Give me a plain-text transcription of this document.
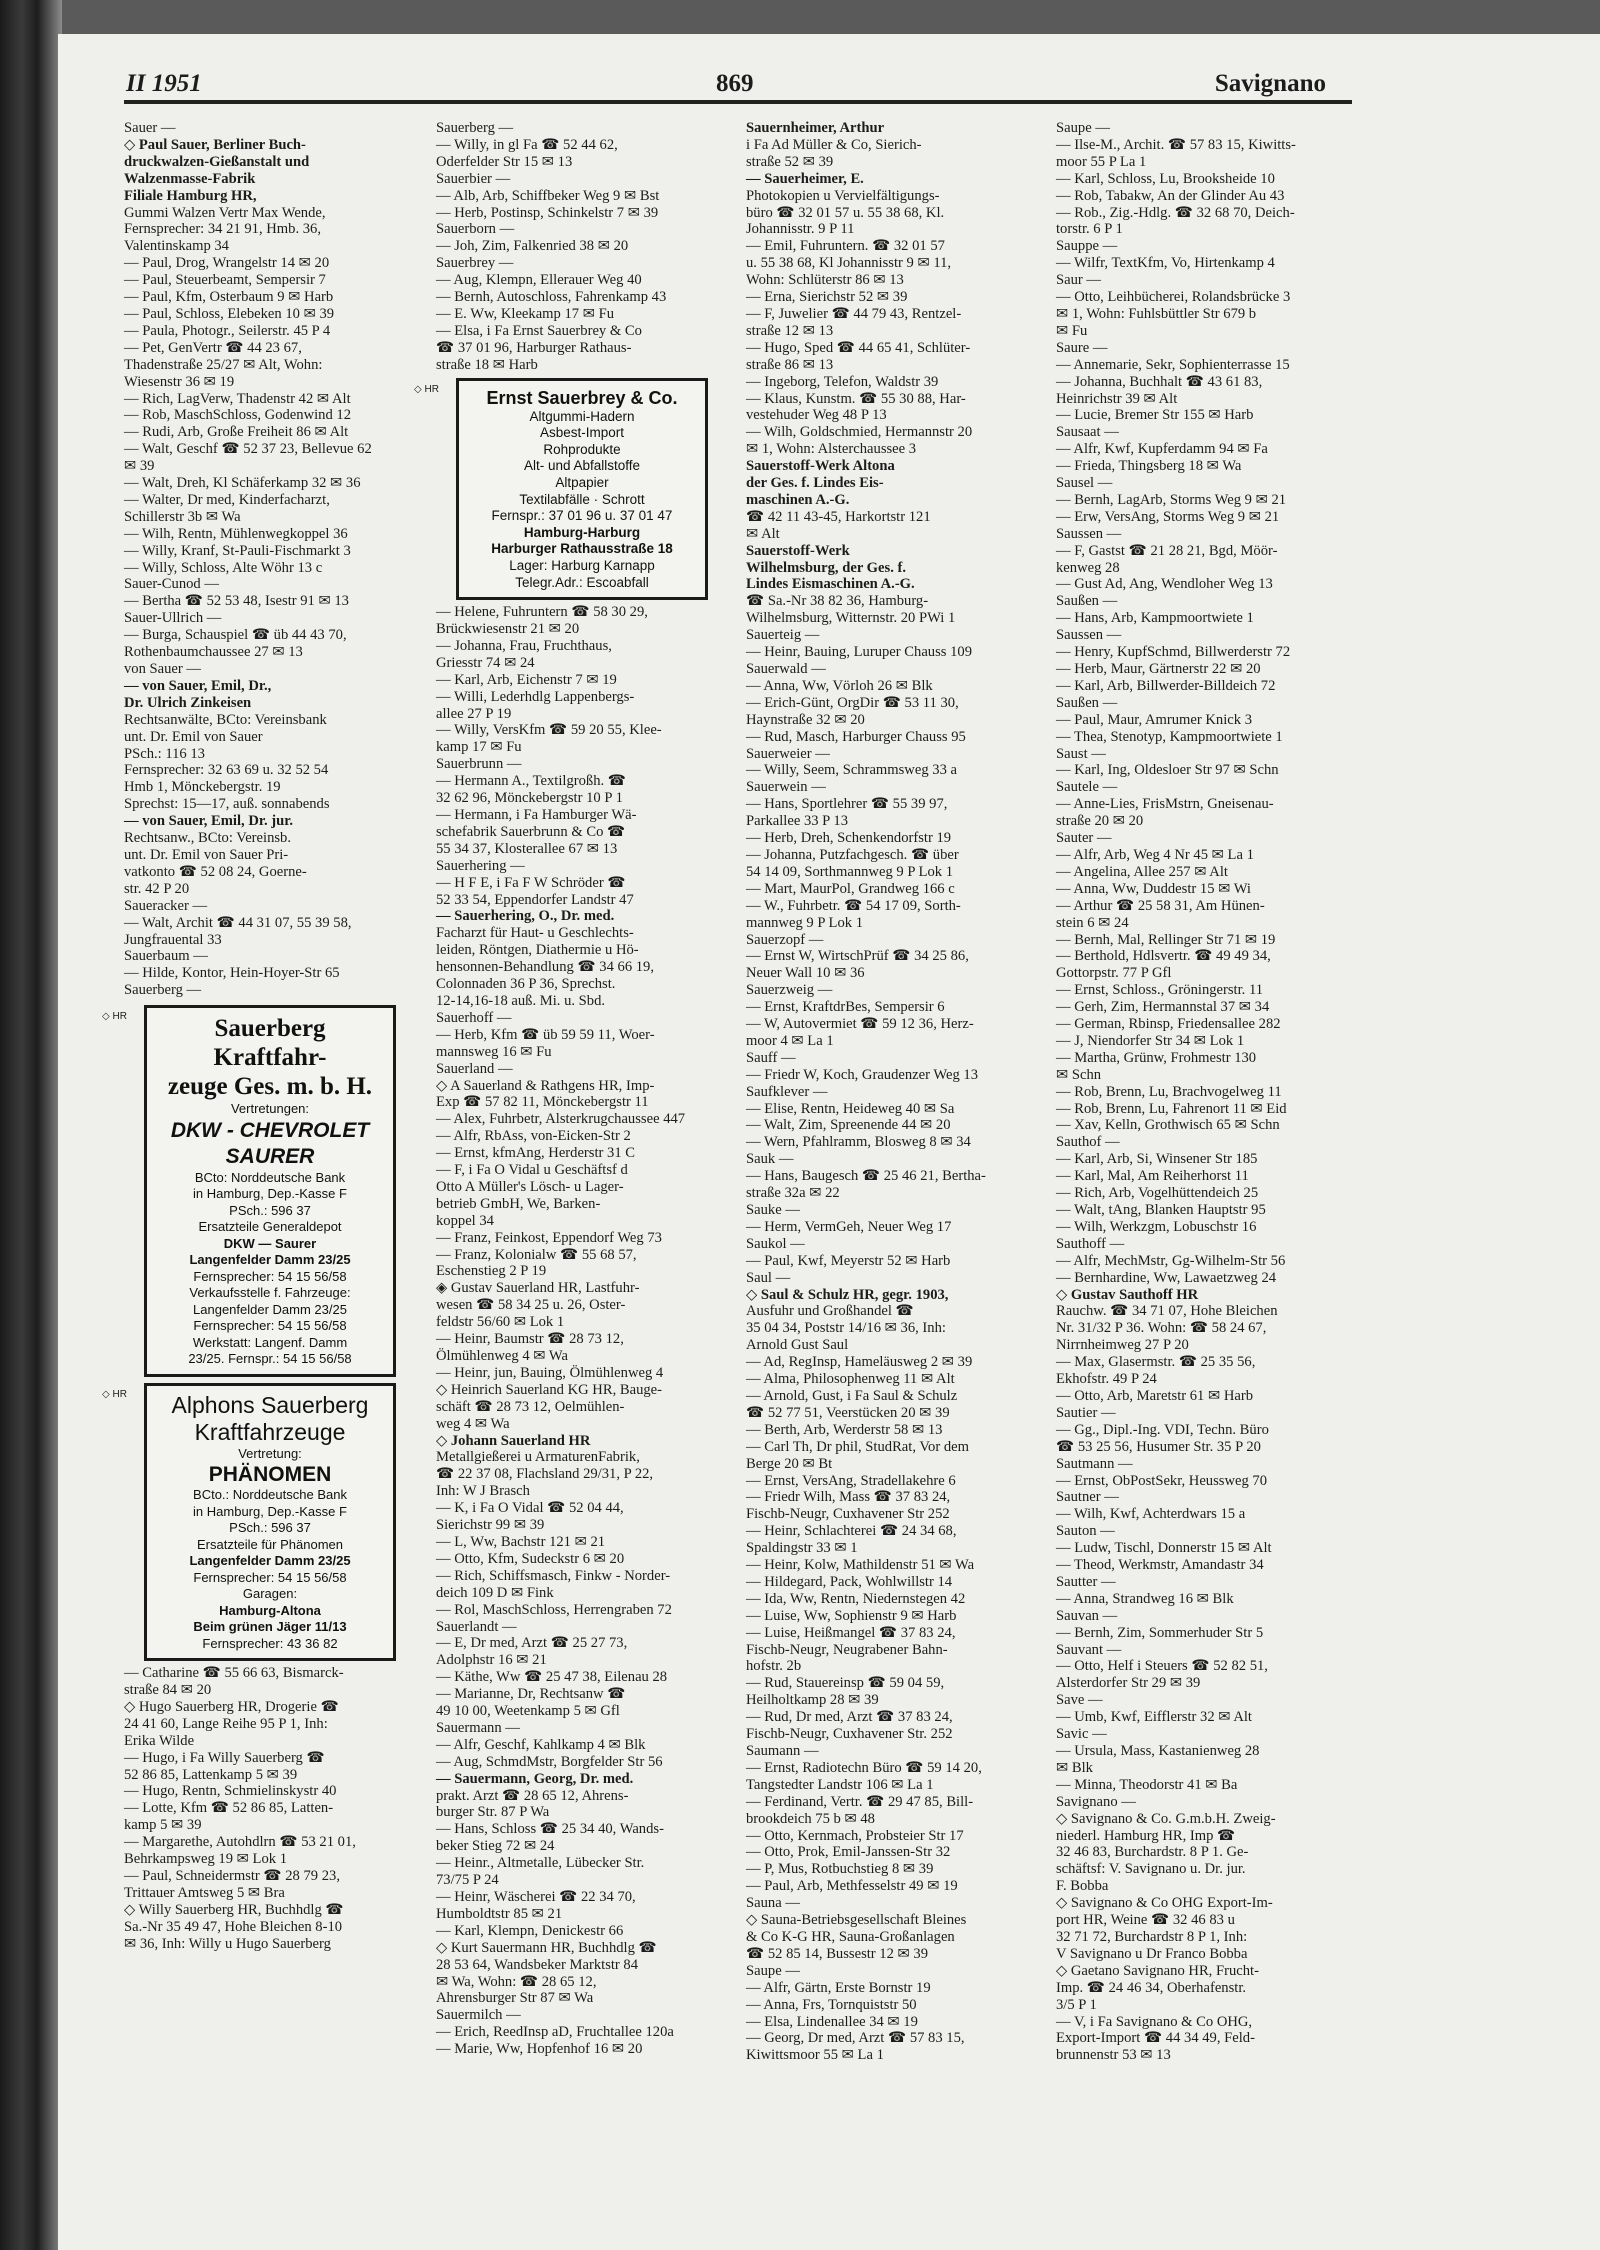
II 1951	869	Savignano
Sauer —
◇ Paul Sauer, Berliner Buch-
druckwalzen-Gießanstalt und
Walzenmasse-Fabrik
Filiale Hamburg HR,
Gummi Walzen Vertr Max Wende,
Fernsprecher: 34 21 91, Hmb. 36,
Valentinskamp 34
— Paul, Drog, Wrangelstr 14 ✉ 20
— Paul, Steuerbeamt, Sempersir 7
— Paul, Kfm, Osterbaum 9 ✉ Harb
— Paul, Schloss, Elebeken 10 ✉ 39
— Paula, Photogr., Seilerstr. 45 P 4
— Pet, GenVertr ☎ 44 23 67,
Thadenstraße 25/27 ✉ Alt, Wohn:
Wiesenstr 36 ✉ 19
— Rich, LagVerw, Thadenstr 42 ✉ Alt
— Rob, MaschSchloss, Godenwind 12
— Rudi, Arb, Große Freiheit 86 ✉ Alt
— Walt, Geschf ☎ 52 37 23, Bellevue 62
✉ 39
— Walt, Dreh, Kl Schäferkamp 32 ✉ 36
— Walter, Dr med, Kinderfacharzt,
Schillerstr 3b ✉ Wa
— Wilh, Rentn, Mühlenwegkoppel 36
— Willy, Kranf, St-Pauli-Fischmarkt 3
— Willy, Schloss, Alte Wöhr 13 c
Sauer-Cunod —
— Bertha ☎ 52 53 48, Isestr 91 ✉ 13
Sauer-Ullrich —
— Burga, Schauspiel ☎ üb 44 43 70,
Rothenbaumchaussee 27 ✉ 13
von Sauer —
— von Sauer, Emil, Dr.,
Dr. Ulrich Zinkeisen
Rechtsanwälte, BCto: Vereinsbank
unt. Dr. Emil von Sauer
PSch.: 116 13
Fernsprecher: 32 63 69 u. 32 52 54
Hmb 1, Mönckebergstr. 19
Sprechst: 15—17, auß. sonnabends
— von Sauer, Emil, Dr. jur.
Rechtsanw., BCto: Vereinsb.
unt. Dr. Emil von Sauer Pri-
vatkonto ☎ 52 08 24, Goerne-
str. 42 P 20
Saueracker —
— Walt, Archit ☎ 44 31 07, 55 39 58,
Jungfrauental 33
Sauerbaum —
— Hilde, Kontor, Hein-Hoyer-Str 65
Sauerberg —
◇ HR	Sauerberg Kraftfahr-
zeuge Ges. m. b. H.
Vertretungen:
DKW - CHEVROLET
SAURER
BCto: Norddeutsche Bank
in Hamburg, Dep.-Kasse F
PSch.: 596 37
Ersatzteile Generaldepot
DKW — Saurer
Langenfelder Damm 23/25
Fernsprecher: 54 15 56/58
Verkaufsstelle f. Fahrzeuge:
Langenfelder Damm 23/25
Fernsprecher: 54 15 56/58
Werkstatt: Langenf. Damm
23/25. Fernspr.: 54 15 56/58
◇ HR	Alphons Sauerberg
Kraftfahrzeuge
Vertretung:
PHÄNOMEN
BCto.: Norddeutsche Bank
in Hamburg, Dep.-Kasse F
PSch.: 596 37
Ersatzteile für Phänomen
Langenfelder Damm 23/25
Fernsprecher: 54 15 56/58
Garagen:
Hamburg-Altona
Beim grünen Jäger 11/13
Fernsprecher: 43 36 82
— Catharine ☎ 55 66 63, Bismarck-
straße 84 ✉ 20
◇ Hugo Sauerberg HR, Drogerie ☎
24 41 60, Lange Reihe 95 P 1, Inh:
Erika Wilde
— Hugo, i Fa Willy Sauerberg ☎
52 86 85, Lattenkamp 5 ✉ 39
— Hugo, Rentn, Schmielinskystr 40
— Lotte, Kfm ☎ 52 86 85, Latten-
kamp 5 ✉ 39
— Margarethe, Autohdlrn ☎ 53 21 01,
Behrkampsweg 19 ✉ Lok 1
— Paul, Schneidermstr ☎ 28 79 23,
Trittauer Amtsweg 5 ✉ Bra
◇ Willy Sauerberg HR, Buchhdlg ☎
Sa.-Nr 35 49 47, Hohe Bleichen 8-10
✉ 36, Inh: Willy u Hugo Sauerberg
Sauerberg —
— Willy, in gl Fa ☎ 52 44 62,
Oderfelder Str 15 ✉ 13
Sauerbier —
— Alb, Arb, Schiffbeker Weg 9 ✉ Bst
— Herb, Postinsp, Schinkelstr 7 ✉ 39
Sauerborn —
— Joh, Zim, Falkenried 38 ✉ 20
Sauerbrey —
— Aug, Klempn, Ellerauer Weg 40
— Bernh, Autoschloss, Fahrenkamp 43
— E. Ww, Kleekamp 17 ✉ Fu
— Elsa, i Fa Ernst Sauerbrey & Co
☎ 37 01 96, Harburger Rathaus-
straße 18 ✉ Harb
◇ HR	Ernst Sauerbrey & Co.
Altgummi-Hadern
Asbest-Import
Rohprodukte
Alt- und Abfallstoffe
Altpapier
Textilabfälle · Schrott
Fernspr.: 37 01 96 u. 37 01 47
Hamburg-Harburg
Harburger Rathausstraße 18
Lager: Harburg Karnapp
Telegr.Adr.: Escoabfall
— Helene, Fuhruntern ☎ 58 30 29,
Brückwiesenstr 21 ✉ 20
— Johanna, Frau, Fruchthaus,
Griesstr 74 ✉ 24
— Karl, Arb, Eichenstr 7 ✉ 19
— Willi, Lederhdlg Lappenbergs-
allee 27 P 19
— Willy, VersKfm ☎ 59 20 55, Klee-
kamp 17 ✉ Fu
Sauerbrunn —
— Hermann A., Textilgroßh. ☎
32 62 96, Mönckebergstr 10 P 1
— Hermann, i Fa Hamburger Wä-
schefabrik Sauerbrunn & Co ☎
55 34 37, Klosterallee 67 ✉ 13
Sauerhering —
— H F E, i Fa F W Schröder ☎
52 33 54, Eppendorfer Landstr 47
— Sauerhering, O., Dr. med.
Facharzt für Haut- u Geschlechts-
leiden, Röntgen, Diathermie u Hö-
hensonnen-Behandlung ☎ 34 66 19,
Colonnaden 36 P 36, Sprechst.
12-14,16-18 auß. Mi. u. Sbd.
Sauerhoff —
— Herb, Kfm ☎ üb 59 59 11, Woer-
mannsweg 16 ✉ Fu
Sauerland —
◇ A Sauerland & Rathgens HR, Imp-
Exp ☎ 57 82 11, Mönckebergstr 11
— Alex, Fuhrbetr, Alsterkrugchaussee 447
— Alfr, RbAss, von-Eicken-Str 2
— Ernst, kfmAng, Herderstr 31 C
— F, i Fa O Vidal u Geschäftsf d
Otto A Müller's Lösch- u Lager-
betrieb GmbH, We, Barken-
koppel 34
— Franz, Feinkost, Eppendorf Weg 73
— Franz, Kolonialw ☎ 55 68 57,
Eschenstieg 2 P 19
◈ Gustav Sauerland HR, Lastfuhr-
wesen ☎ 58 34 25 u. 26, Oster-
feldstr 56/60 ✉ Lok 1
— Heinr, Baumstr ☎ 28 73 12,
Ölmühlenweg 4 ✉ Wa
— Heinr, jun, Bauing, Ölmühlenweg 4
◇ Heinrich Sauerland KG HR, Bauge-
schäft ☎ 28 73 12, Oelmühlen-
weg 4 ✉ Wa
◇ Johann Sauerland HR
Metallgießerei u ArmaturenFabrik,
☎ 22 37 08, Flachsland 29/31, P 22,
Inh: W J Brasch
— K, i Fa O Vidal ☎ 52 04 44,
Sierichstr 99 ✉ 39
— L, Ww, Bachstr 121 ✉ 21
— Otto, Kfm, Sudeckstr 6 ✉ 20
— Rich, Schiffsmasch, Finkw - Norder-
deich 109 D ✉ Fink
— Rol, MaschSchloss, Herrengraben 72
Sauerlandt —
— E, Dr med, Arzt ☎ 25 27 73,
Adolphstr 16 ✉ 21
— Käthe, Ww ☎ 25 47 38, Eilenau 28
— Marianne, Dr, Rechtsanw ☎
49 10 00, Weetenkamp 5 ✉ Gfl
Sauermann —
— Alfr, Geschf, Kahlkamp 4 ✉ Blk
— Aug, SchmdMstr, Borgfelder Str 56
— Sauermann, Georg, Dr. med.
prakt. Arzt ☎ 28 65 12, Ahrens-
burger Str. 87 P Wa
— Hans, Schloss ☎ 25 34 40, Wands-
beker Stieg 72 ✉ 24
— Heinr., Altmetalle, Lübecker Str.
73/75 P 24
— Heinr, Wäscherei ☎ 22 34 70,
Humboldtstr 85 ✉ 21
— Karl, Klempn, Denickestr 66
◇ Kurt Sauermann HR, Buchhdlg ☎
28 53 64, Wandsbeker Marktstr 84
✉ Wa, Wohn: ☎ 28 65 12,
Ahrensburger Str 87 ✉ Wa
Sauermilch —
— Erich, ReedInsp aD, Fruchtallee 120a
— Marie, Ww, Hopfenhof 16 ✉ 20
Sauernheimer, Arthur
i Fa Ad Müller & Co, Sierich-
straße 52 ✉ 39
— Sauerheimer, E.
Photokopien u Vervielfältigungs-
büro ☎ 32 01 57 u. 55 38 68, Kl.
Johannisstr. 9 P 11
— Emil, Fuhruntern. ☎ 32 01 57
u. 55 38 68, Kl Johannisstr 9 ✉ 11,
Wohn: Schlüterstr 86 ✉ 13
— Erna, Sierichstr 52 ✉ 39
— F, Juwelier ☎ 44 79 43, Rentzel-
straße 12 ✉ 13
— Hugo, Sped ☎ 44 65 41, Schlüter-
straße 86 ✉ 13
— Ingeborg, Telefon, Waldstr 39
— Klaus, Kunstm. ☎ 55 30 88, Har-
vestehuder Weg 48 P 13
— Wilh, Goldschmied, Hermannstr 20
✉ 1, Wohn: Alsterchaussee 3
Sauerstoff-Werk Altona
der Ges. f. Lindes Eis-
maschinen A.-G.
☎ 42 11 43-45, Harkortstr 121
✉ Alt
Sauerstoff-Werk
Wilhelmsburg, der Ges. f.
Lindes Eismaschinen A.-G.
☎ Sa.-Nr 38 82 36, Hamburg-
Wilhelmsburg, Witternstr. 20 PWi 1
Sauerteig —
— Heinr, Bauing, Luruper Chauss 109
Sauerwald —
— Anna, Ww, Vörloh 26 ✉ Blk
— Erich-Günt, OrgDir ☎ 53 11 30,
Haynstraße 32 ✉ 20
— Rud, Masch, Harburger Chauss 95
Sauerweier —
— Willy, Seem, Schrammsweg 33 a
Sauerwein —
— Hans, Sportlehrer ☎ 55 39 97,
Parkallee 33 P 13
— Herb, Dreh, Schenkendorfstr 19
— Johanna, Putzfachgesch. ☎ über
54 14 09, Sorthmannweg 9 P Lok 1
— Mart, MaurPol, Grandweg 166 c
— W., Fuhrbetr. ☎ 54 17 09, Sorth-
mannweg 9 P Lok 1
Sauerzopf —
— Ernst W, WirtschPrüf ☎ 34 25 86,
Neuer Wall 10 ✉ 36
Sauerzweig —
— Ernst, KraftdrBes, Sempersir 6
— W, Autovermiet ☎ 59 12 36, Herz-
moor 4 ✉ La 1
Sauff —
— Friedr W, Koch, Graudenzer Weg 13
Saufklever —
— Elise, Rentn, Heideweg 40 ✉ Sa
— Walt, Zim, Spreenende 44 ✉ 20
— Wern, Pfahlramm, Blosweg 8 ✉ 34
Sauk —
— Hans, Baugesch ☎ 25 46 21, Bertha-
straße 32a ✉ 22
Sauke —
— Herm, VermGeh, Neuer Weg 17
Saukol —
— Paul, Kwf, Meyerstr 52 ✉ Harb
Saul —
◇ Saul & Schulz HR, gegr. 1903,
Ausfuhr und Großhandel ☎
35 04 34, Poststr 14/16 ✉ 36, Inh:
Arnold Gust Saul
— Ad, RegInsp, Hameläusweg 2 ✉ 39
— Alma, Philosophenweg 11 ✉ Alt
— Arnold, Gust, i Fa Saul & Schulz
☎ 52 77 51, Veerstücken 20 ✉ 39
— Berth, Arb, Werderstr 58 ✉ 13
— Carl Th, Dr phil, StudRat, Vor dem
Berge 20 ✉ Bt
— Ernst, VersAng, Stradellakehre 6
— Friedr Wilh, Mass ☎ 37 83 24,
Fischb-Neugr, Cuxhavener Str 252
— Heinr, Schlachterei ☎ 24 34 68,
Spaldingstr 33 ✉ 1
— Heinr, Kolw, Mathildenstr 51 ✉ Wa
— Hildegard, Pack, Wohlwillstr 14
— Ida, Ww, Rentn, Niedernstegen 42
— Luise, Ww, Sophienstr 9 ✉ Harb
— Luise, Heißmangel ☎ 37 83 24,
Fischb-Neugr, Neugrabener Bahn-
hofstr. 2b
— Rud, Stauereinsp ☎ 59 04 59,
Heilholtkamp 28 ✉ 39
— Rud, Dr med, Arzt ☎ 37 83 24,
Fischb-Neugr, Cuxhavener Str. 252
Saumann —
— Ernst, Radiotechn Büro ☎ 59 14 20,
Tangstedter Landstr 106 ✉ La 1
— Ferdinand, Vertr. ☎ 29 47 85, Bill-
brookdeich 75 b ✉ 48
— Otto, Kernmach, Probsteier Str 17
— Otto, Prok, Emil-Janssen-Str 32
— P, Mus, Rotbuchstieg 8 ✉ 39
— Paul, Arb, Methfesselstr 49 ✉ 19
Sauna —
◇ Sauna-Betriebsgesellschaft Bleines
& Co K-G HR, Sauna-Großanlagen
☎ 52 85 14, Bussestr 12 ✉ 39
Saupe —
— Alfr, Gärtn, Erste Bornstr 19
— Anna, Frs, Tornquiststr 50
— Elsa, Lindenallee 34 ✉ 19
— Georg, Dr med, Arzt ☎ 57 83 15,
Kiwittsmoor 55 ✉ La 1
Saupe —
— Ilse-M., Archit. ☎ 57 83 15, Kiwitts-
moor 55 P La 1
— Karl, Schloss, Lu, Brooksheide 10
— Rob, Tabakw, An der Glinder Au 43
— Rob., Zig.-Hdlg. ☎ 32 68 70, Deich-
torstr. 6 P 1
Sauppe —
— Wilfr, TextKfm, Vo, Hirtenkamp 4
Saur —
— Otto, Leihbücherei, Rolandsbrücke 3
✉ 1, Wohn: Fuhlsbüttler Str 679 b
✉ Fu
Saure —
— Annemarie, Sekr, Sophienterrasse 15
— Johanna, Buchhalt ☎ 43 61 83,
Heinrichstr 39 ✉ Alt
— Lucie, Bremer Str 155 ✉ Harb
Sausaat —
— Alfr, Kwf, Kupferdamm 94 ✉ Fa
— Frieda, Thingsberg 18 ✉ Wa
Sausel —
— Bernh, LagArb, Storms Weg 9 ✉ 21
— Erw, VersAng, Storms Weg 9 ✉ 21
Saussen —
— F, Gastst ☎ 21 28 21, Bgd, Möör-
kenweg 28
— Gust Ad, Ang, Wendloher Weg 13
Saußen —
— Hans, Arb, Kampmoortwiete 1
Saussen —
— Henry, KupfSchmd, Billwerderstr 72
— Herb, Maur, Gärtnerstr 22 ✉ 20
— Karl, Arb, Billwerder-Billdeich 72
Saußen —
— Paul, Maur, Amrumer Knick 3
— Thea, Stenotyp, Kampmoortwiete 1
Saust —
— Karl, Ing, Oldesloer Str 97 ✉ Schn
Sautele —
— Anne-Lies, FrisMstrn, Gneisenau-
straße 20 ✉ 20
Sauter —
— Alfr, Arb, Weg 4 Nr 45 ✉ La 1
— Angelina, Allee 257 ✉ Alt
— Anna, Ww, Duddestr 15 ✉ Wi
— Arthur ☎ 25 58 31, Am Hünen-
stein 6 ✉ 24
— Bernh, Mal, Rellinger Str 71 ✉ 19
— Berthold, Hdlsvertr. ☎ 49 49 34,
Gottorpstr. 77 P Gfl
— Ernst, Schloss., Gröningerstr. 11
— Gerh, Zim, Hermannstal 37 ✉ 34
— German, Rbinsp, Friedensallee 282
— J, Niendorfer Str 34 ✉ Lok 1
— Martha, Grünw, Frohmestr 130
✉ Schn
— Rob, Brenn, Lu, Brachvogelweg 11
— Rob, Brenn, Lu, Fahrenort 11 ✉ Eid
— Xav, Kelln, Grothwisch 65 ✉ Schn
Sauthof —
— Karl, Arb, Si, Winsener Str 185
— Karl, Mal, Am Reiherhorst 11
— Rich, Arb, Vogelhüttendeich 25
— Walt, tAng, Blanken Hauptstr 95
— Wilh, Werkzgm, Lobuschstr 16
Sauthoff —
— Alfr, MechMstr, Gg-Wilhelm-Str 56
— Bernhardine, Ww, Lawaetzweg 24
◇ Gustav Sauthoff HR
Rauchw. ☎ 34 71 07, Hohe Bleichen
Nr. 31/32 P 36. Wohn: ☎ 58 24 67,
Nirrnheimweg 27 P 20
— Max, Glasermstr. ☎ 25 35 56,
Ekhofstr. 49 P 24
— Otto, Arb, Maretstr 61 ✉ Harb
Sautier —
— Gg., Dipl.-Ing. VDI, Techn. Büro
☎ 53 25 56, Husumer Str. 35 P 20
Sautmann —
— Ernst, ObPostSekr, Heussweg 70
Sautner —
— Wilh, Kwf, Achterdwars 15 a
Sauton —
— Ludw, Tischl, Donnerstr 15 ✉ Alt
— Theod, Werkmstr, Amandastr 34
Sautter —
— Anna, Strandweg 16 ✉ Blk
Sauvan —
— Bernh, Zim, Sommerhuder Str 5
Sauvant —
— Otto, Helf i Steuers ☎ 52 82 51,
Alsterdorfer Str 29 ✉ 39
Save —
— Umb, Kwf, Eifflerstr 32 ✉ Alt
Savic —
— Ursula, Mass, Kastanienweg 28
✉ Blk
— Minna, Theodorstr 41 ✉ Ba
Savignano —
◇ Savignano & Co. G.m.b.H. Zweig-
niederl. Hamburg HR, Imp ☎
32 46 83, Burchardstr. 8 P 1. Ge-
schäftsf: V. Savignano u. Dr. jur.
F. Bobba
◇ Savignano & Co OHG Export-Im-
port HR, Weine ☎ 32 46 83 u
32 71 72, Burchardstr 8 P 1, Inh:
V Savignano u Dr Franco Bobba
◇ Gaetano Savignano HR, Frucht-
Imp. ☎ 24 46 34, Oberhafenstr.
3/5 P 1
— V, i Fa Savignano & Co OHG,
Export-Import ☎ 44 34 49, Feld-
brunnenstr 53 ✉ 13
